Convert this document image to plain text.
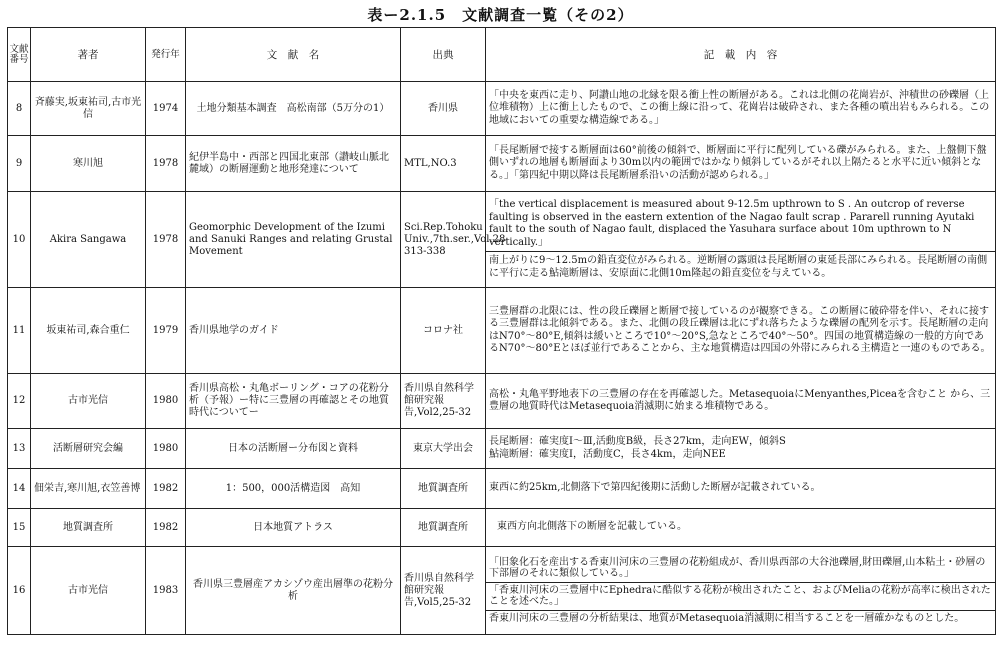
表ー2.1.5　文献調査一覧（その2）
文献番号	著者	発行年	文　献　名	出典	記　載　内　容
8	斉藤実,坂東祐司,古市光信	1974	土地分類基本調査　高松南部（5万分の1）	香川県	「中央を東西に走り、阿讃山地の北縁を限る衝上性の断層がある。これは北側の花崗岩が、沖積世の砂礫層（上位堆積物）上に衝上したもので、この衝上線に沿って、花崗岩は破砕され、また各種の噴出岩もみられる。この地域においての重要な構造線である。」

9	寒川旭	1978	紀伊半島中・西部と四国北東部（讃岐山脈北麓域）の断層運動と地形発達について	MTL,NO.3	「長尾断層で接する断層面は60°前後の傾斜で、断層面に平行に配列している礫がみられる。また、上盤側下盤側いずれの地層も断層面より30m以内の範囲ではかなり傾斜しているがそれ以上隔たると水平に近い傾斜となる。」「第四紀中期以降は長尾断層系沿いの活動が認められる。」

10	Akira Sangawa	1978	Geomorphic Development of the Izumi and Sanuki Ranges and relating Grustal Movement	Sci.Rep.Tohoku Univ.,7th.ser.,Vol.28 313-338	「the vertical displacement is measured about 9-12.5m upthrown to S . An outcrop of reverse faulting is observed in the eastern extention of the Nagao fault scrap . Pararell running Ayutaki fault to the south of Nagao fault, displaced the Yasuhara surface about 10m upthrown to N vertically.」
南上がりに9～12.5mの鉛直変位がみられる。逆断層の露頭は長尾断層の東延長部にみられる。長尾断層の南側に平行に走る鮎滝断層は、安原面に北側10m隆起の鉛直変位を与えている。

11	坂東祐司,森合重仁	1979	香川県地学のガイド	コロナ社	三豊層群の北限には、性の段丘礫層と断層で接しているのが観察できる。この断層に破砕帯を伴い、それに接する三豊層群は北傾斜である。また、北側の段丘礫層は北にずれ落ちたような礫層の配列を示す。長尾断層の走向はN70°～80°E,傾斜は緩いところで10°～20°S,急なところで40°～50°。四国の地質構造線の一般的方向であるN70°～80°Eとほぼ並行であることから、主な地質構造は四国の外帯にみられる主構造と一連のものである。

12	古市光信	1980	香川県高松・丸亀ボーリング・コアの花粉分析（予報）ー特に三豊層の再確認とその地質時代についてー	香川県自然科学館研究報告,Vol2,25-32	高松・丸亀平野地表下の三豊層の存在を再確認した。MetasequoiaにMenyanthes,Piceaを含むこと から、三豊層の地質時代はMetasequoia消滅期に始まる堆積物である。

13	活断層研究会編	1980	日本の活断層ー分布図と資料	東京大学出会	長尾断層：確実度Ⅰ～Ⅲ,活動度B級，長さ27km，走向EW，傾斜S
鮎滝断層：確実度Ⅰ，活動度C，長さ4km，走向NEE

14	佃栄吉,寒川旭,衣笠善博	1982	1：500，000活構造図　高知	地質調査所	東西に約25km,北側落下で第四紀後期に活動した断層が記載されている。

15	地質調査所	1982	日本地質アトラス	地質調査所	東西方向北側落下の断層を記載している。

16	古市光信	1983	香川県三豊層産アカシゾウ産出層準の花粉分析	香川県自然科学館研究報告,Vol5,25-32	「旧象化石を産出する香東川河床の三豊層の花粉組成が、香川県西部の大谷池礫層,財田礫層,山本粘土・砂層の下部層のそれに類似している。」
「香東川河床の三豊層中にEphedraに酷似する花粉が検出されたこと、およびMeliaの花粉が高率に検出されたことを述べた。」
香東川河床の三豊層の分析結果は、地質がMetasequoia消滅期に相当することを一層確かなものとした。
